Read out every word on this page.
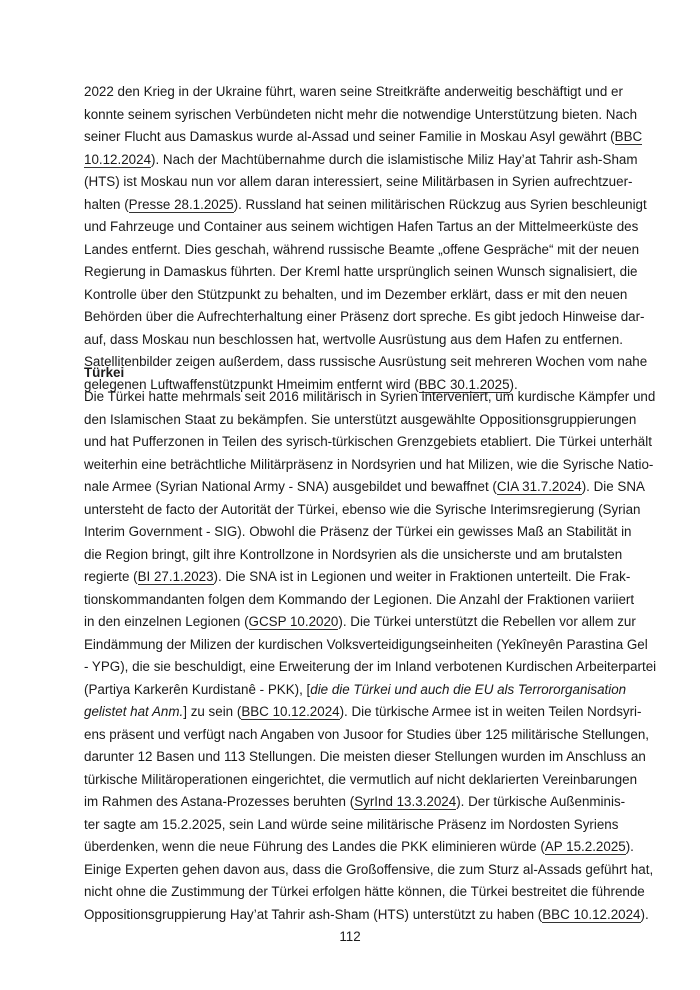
2022 den Krieg in der Ukraine führt, waren seine Streitkräfte anderweitig beschäftigt und er
konnte seinem syrischen Verbündeten nicht mehr die notwendige Unterstützung bieten. Nach
seiner Flucht aus Damaskus wurde al-Assad und seiner Familie in Moskau Asyl gewährt (BBC
10.12.2024). Nach der Machtübernahme durch die islamistische Miliz Hay’at Tahrir ash-Sham
(HTS) ist Moskau nun vor allem daran interessiert, seine Militärbasen in Syrien aufrechtzuer-
halten (Presse 28.1.2025). Russland hat seinen militärischen Rückzug aus Syrien beschleunigt
und Fahrzeuge und Container aus seinem wichtigen Hafen Tartus an der Mittelmeerküste des
Landes entfernt. Dies geschah, während russische Beamte „offene Gespräche“ mit der neuen
Regierung in Damaskus führten. Der Kreml hatte ursprünglich seinen Wunsch signalisiert, die
Kontrolle über den Stützpunkt zu behalten, und im Dezember erklärt, dass er mit den neuen
Behörden über die Aufrechterhaltung einer Präsenz dort spreche. Es gibt jedoch Hinweise dar-
auf, dass Moskau nun beschlossen hat, wertvolle Ausrüstung aus dem Hafen zu entfernen.
Satellitenbilder zeigen außerdem, dass russische Ausrüstung seit mehreren Wochen vom nahe
gelegenen Luftwaffenstützpunkt Hmeimim entfernt wird (BBC 30.1.2025).
Türkei
Die Türkei hatte mehrmals seit 2016 militärisch in Syrien interveniert, um kurdische Kämpfer und
den Islamischen Staat zu bekämpfen. Sie unterstützt ausgewählte Oppositionsgruppierungen
und hat Pufferzonen in Teilen des syrisch-türkischen Grenzgebiets etabliert. Die Türkei unterhält
weiterhin eine beträchtliche Militärpräsenz in Nordsyrien und hat Milizen, wie die Syrische Natio-
nale Armee (Syrian National Army - SNA) ausgebildet und bewaffnet (CIA 31.7.2024). Die SNA
untersteht de facto der Autorität der Türkei, ebenso wie die Syrische Interimsregierung (Syrian
Interim Government - SIG). Obwohl die Präsenz der Türkei ein gewisses Maß an Stabilität in
die Region bringt, gilt ihre Kontrollzone in Nordsyrien als die unsicherste und am brutalsten
regierte (BI 27.1.2023). Die SNA ist in Legionen und weiter in Fraktionen unterteilt. Die Frak-
tionskommandanten folgen dem Kommando der Legionen. Die Anzahl der Fraktionen variiert
in den einzelnen Legionen (GCSP 10.2020). Die Türkei unterstützt die Rebellen vor allem zur
Eindämmung der Milizen der kurdischen Volksverteidigungseinheiten (Yekîneyên Parastina Gel
- YPG), die sie beschuldigt, eine Erweiterung der im Inland verbotenen Kurdischen Arbeiterpartei
(Partiya Karkerên Kurdistanê - PKK), [die die Türkei und auch die EU als Terrororganisation
gelistet hat Anm.] zu sein (BBC 10.12.2024). Die türkische Armee ist in weiten Teilen Nordsyri-
ens präsent und verfügt nach Angaben von Jusoor for Studies über 125 militärische Stellungen,
darunter 12 Basen und 113 Stellungen. Die meisten dieser Stellungen wurden im Anschluss an
türkische Militäroperationen eingerichtet, die vermutlich auf nicht deklarierten Vereinbarungen
im Rahmen des Astana-Prozesses beruhten (SyrInd 13.3.2024). Der türkische Außenminis-
ter sagte am 15.2.2025, sein Land würde seine militärische Präsenz im Nordosten Syriens
überdenken, wenn die neue Führung des Landes die PKK eliminieren würde (AP 15.2.2025).
Einige Experten gehen davon aus, dass die Großoffensive, die zum Sturz al-Assads geführt hat,
nicht ohne die Zustimmung der Türkei erfolgen hätte können, die Türkei bestreitet die führende
Oppositionsgruppierung Hay’at Tahrir ash-Sham (HTS) unterstützt zu haben (BBC 10.12.2024).
112
